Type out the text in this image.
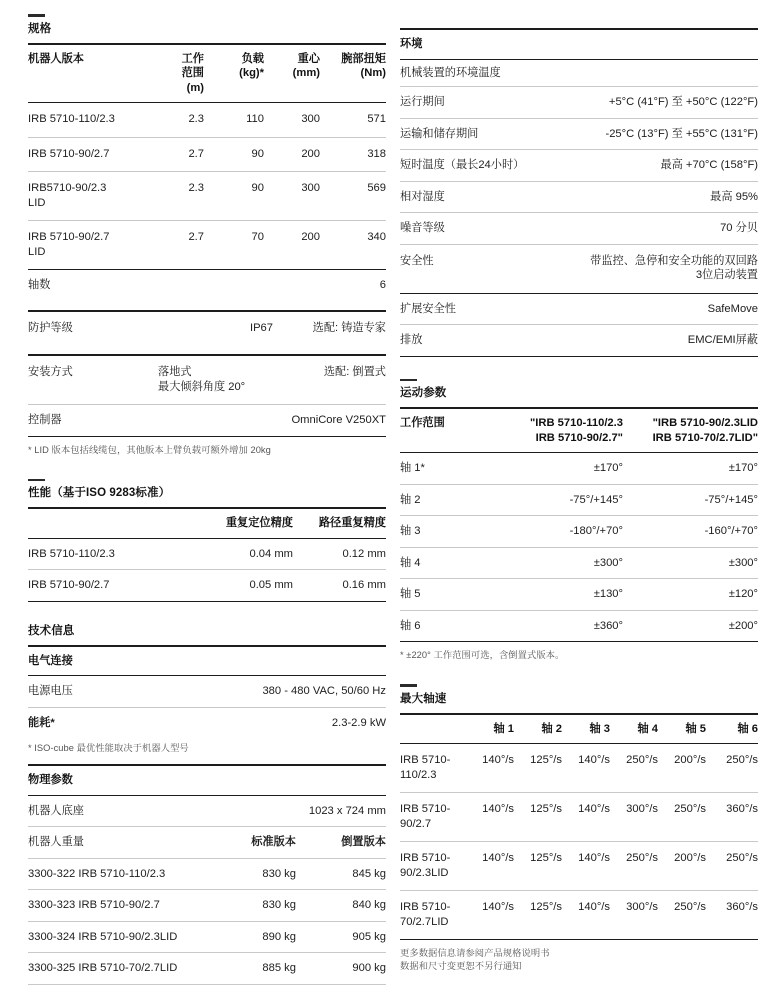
规格
机器人版本	工作
范围
(m)	负载
(kg)*	重心
(mm)	腕部扭矩
(Nm)
IRB 5710-110/2.3	2.3	110	300	571
IRB 5710-90/2.7	2.7	90	200	318
IRB5710-90/2.3
LID	2.3	90	300	569
IRB 5710-90/2.7
LID	2.7	70	200	340
轴数				6
防护等级	IP67	选配: 铸造专家
安装方式	落地式
最大倾斜角度 20°	选配: 倒置式
控制器	OmniCore V250XT	

* LID 版本包括线缆包，其他版本上臂负载可额外增加 20kg
性能（基于ISO 9283标准）
	重复定位精度	路径重复精度
IRB 5710-110/2.3	0.04 mm	0.12 mm
IRB 5710-90/2.7	0.05 mm	0.16 mm

技术信息
电气连接	
电源电压	380 - 480 VAC, 50/60 Hz
能耗*	2.3-2.9 kW
* ISO-cube 最优性能取决于机器人型号
物理参数		
机器人底座	1023 x 724 mm	
机器人重量	标准版本	倒置版本
3300-322 IRB 5710-110/2.3	830 kg	845 kg
3300-323 IRB 5710-90/2.7	830 kg	840 kg
3300-324 IRB 5710-90/2.3LID	890 kg	905 kg
3300-325 IRB 5710-70/2.7LID	885 kg	900 kg

环境	
机械装置的环境温度	
运行期间	+5°C (41°F) 至 +50°C (122°F)
运输和储存期间	-25°C (13°F) 至 +55°C (131°F)
短时温度（最长24小时）	最高 +70°C (158°F)
相对湿度	最高 95%
噪音等级	70 分贝
安全性	带监控、急停和安全功能的双回路
3位启动装置
扩展安全性	SafeMove
排放	EMC/EMI屏蔽

运动参数
工作范围	"IRB 5710-110/2.3
IRB 5710-90/2.7"	"IRB 5710-90/2.3LID
IRB 5710-70/2.7LID"
轴 1*	±170°	±170°
轴 2	-75°/+145°	-75°/+145°
轴 3	-180°/+70°	-160°/+70°
轴 4	±300°	±300°
轴 5	±130°	±120°
轴 6	±360°	±200°

* ±220° 工作范围可选，含倒置式版本。
最大轴速
	轴 1	轴 2	轴 3	轴 4	轴 5	轴 6
IRB 5710-
110/2.3	140°/s	125°/s	140°/s	250°/s	200°/s	250°/s
IRB 5710-
90/2.7	140°/s	125°/s	140°/s	300°/s	250°/s	360°/s
IRB 5710-
90/2.3LID	140°/s	125°/s	140°/s	250°/s	200°/s	250°/s
IRB 5710-
70/2.7LID	140°/s	125°/s	140°/s	300°/s	250°/s	360°/s

更多数据信息请参阅产品规格说明书
数据和尺寸变更恕不另行通知
